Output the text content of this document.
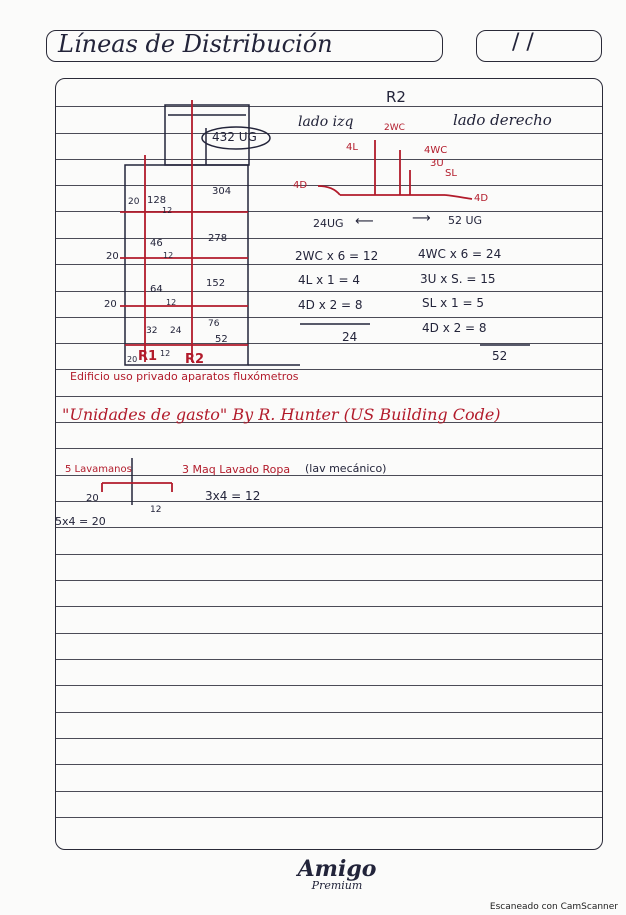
Líneas de Distribución	/ /
432 UG
R2
20 128
12
304
20
46
12
278
20
64
12
152
32 24
76
52
20
12
R1 R2
lado izq	lado derecho
2WC
4L	4WC
3U
SL
4D
4D
24UG ⟵	⟶ 52 UG
2WC x 6 = 12
4L x 1 = 4
4D x 2 = 8
24
4WC x 6 = 24
3U x S. = 15
SL x 1 = 5
4D x 2 = 8
52
Edificio uso privado aparatos fluxómetros
"Unidades de gasto" By R. Hunter (US Building Code)
5 Lavamanos	3 Maq Lavado Ropa (lav mecánico)
3x4 = 12
20
12
5x4 = 20
Amigo
Premium
Escaneado con CamScanner
